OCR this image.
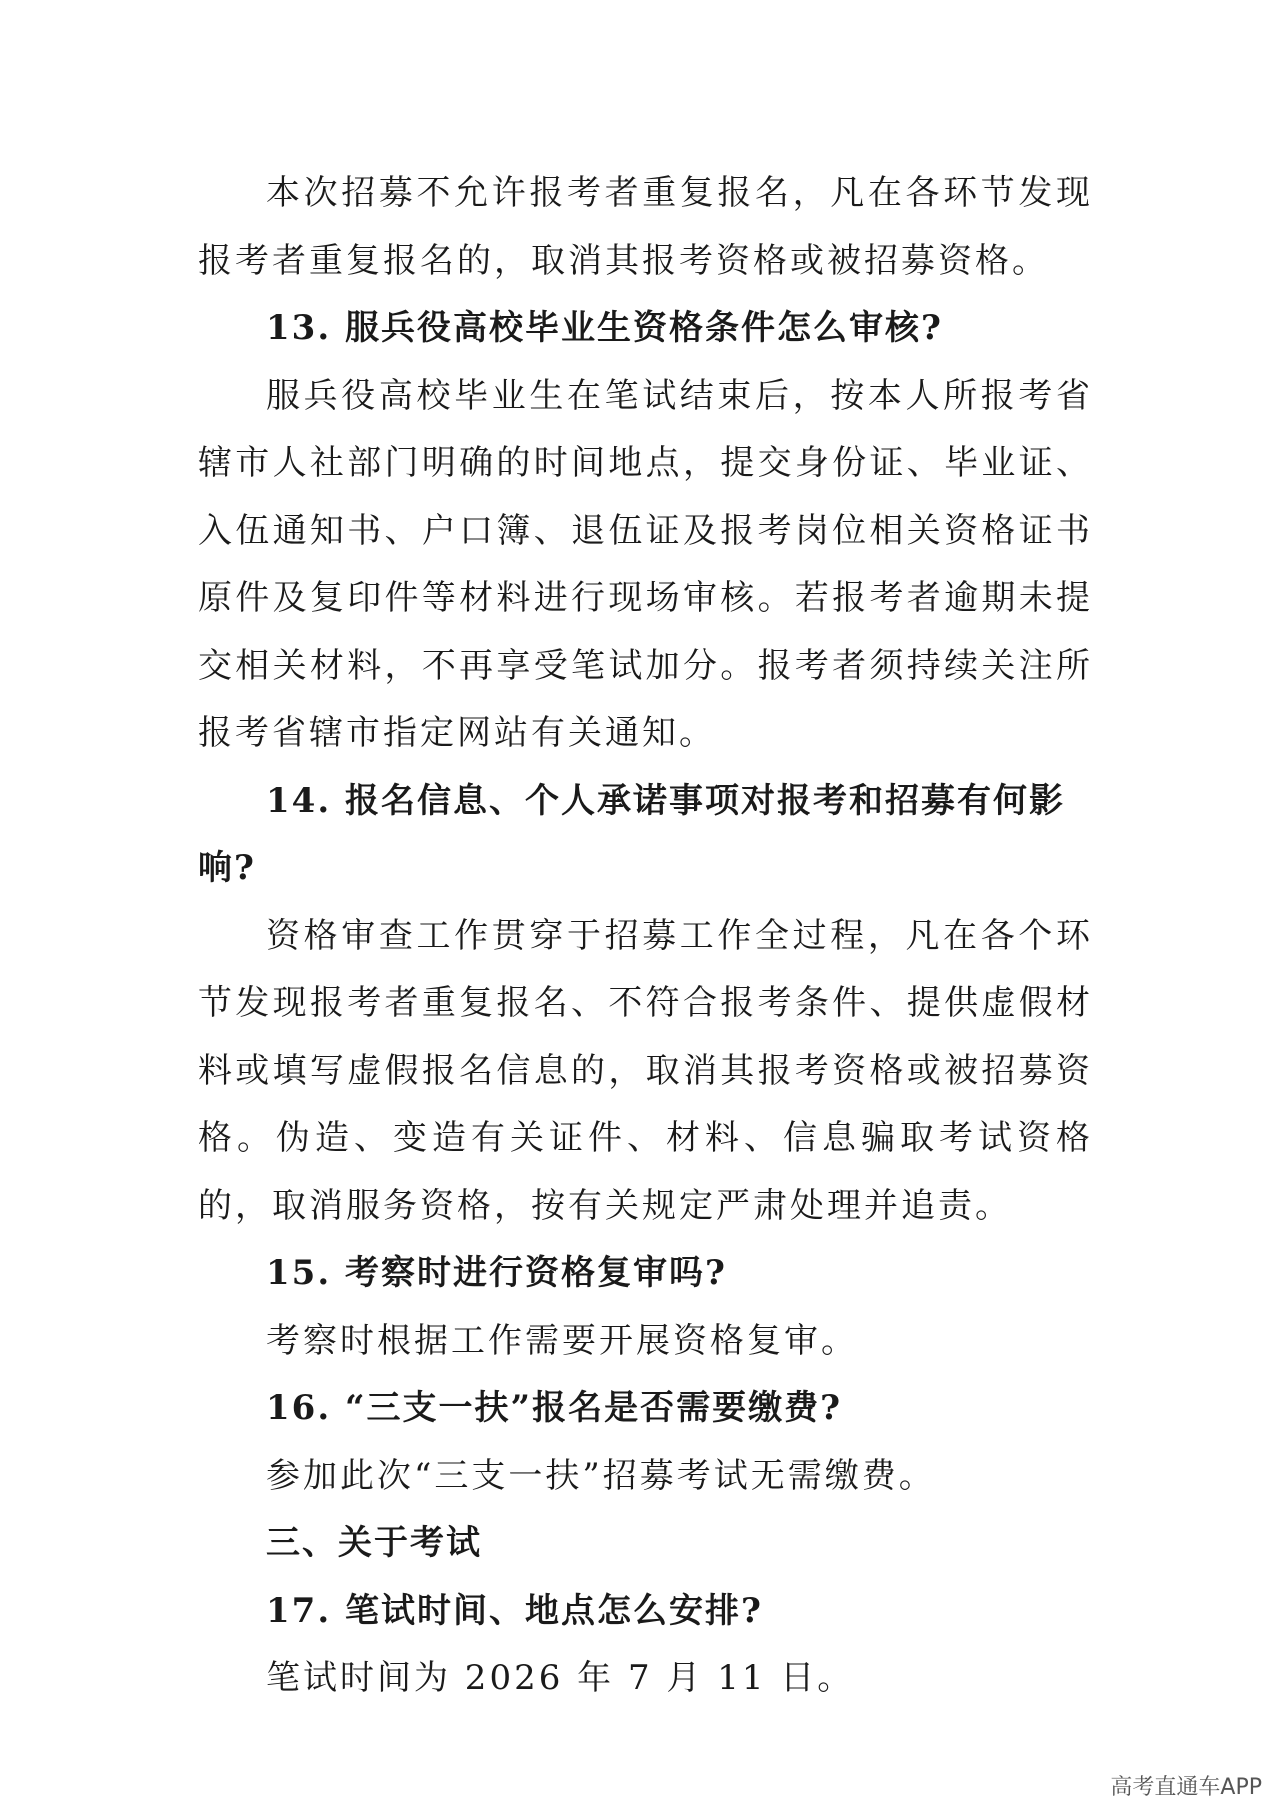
本次招募不允许报考者重复报名，凡在各环节发现报考者重复报名的，取消其报考资格或被招募资格。

13. 服兵役高校毕业生资格条件怎么审核?

服兵役高校毕业生在笔试结束后，按本人所报考省辖市人社部门明确的时间地点，提交身份证、毕业证、入伍通知书、户口簿、退伍证及报考岗位相关资格证书原件及复印件等材料进行现场审核。若报考者逾期未提交相关材料，不再享受笔试加分。报考者须持续关注所报考省辖市指定网站有关通知。

14. 报名信息、个人承诺事项对报考和招募有何影响?

资格审查工作贯穿于招募工作全过程，凡在各个环节发现报考者重复报名、不符合报考条件、提供虚假材料或填写虚假报名信息的，取消其报考资格或被招募资格。伪造、变造有关证件、材料、信息骗取考试资格的，取消服务资格，按有关规定严肃处理并追责。

15. 考察时进行资格复审吗?

考察时根据工作需要开展资格复审。

16. “三支一扶”报名是否需要缴费?

参加此次“三支一扶”招募考试无需缴费。

三、关于考试

17. 笔试时间、地点怎么安排?

笔试时间为 2026 年 7 月 11 日。

高考直通车APP
